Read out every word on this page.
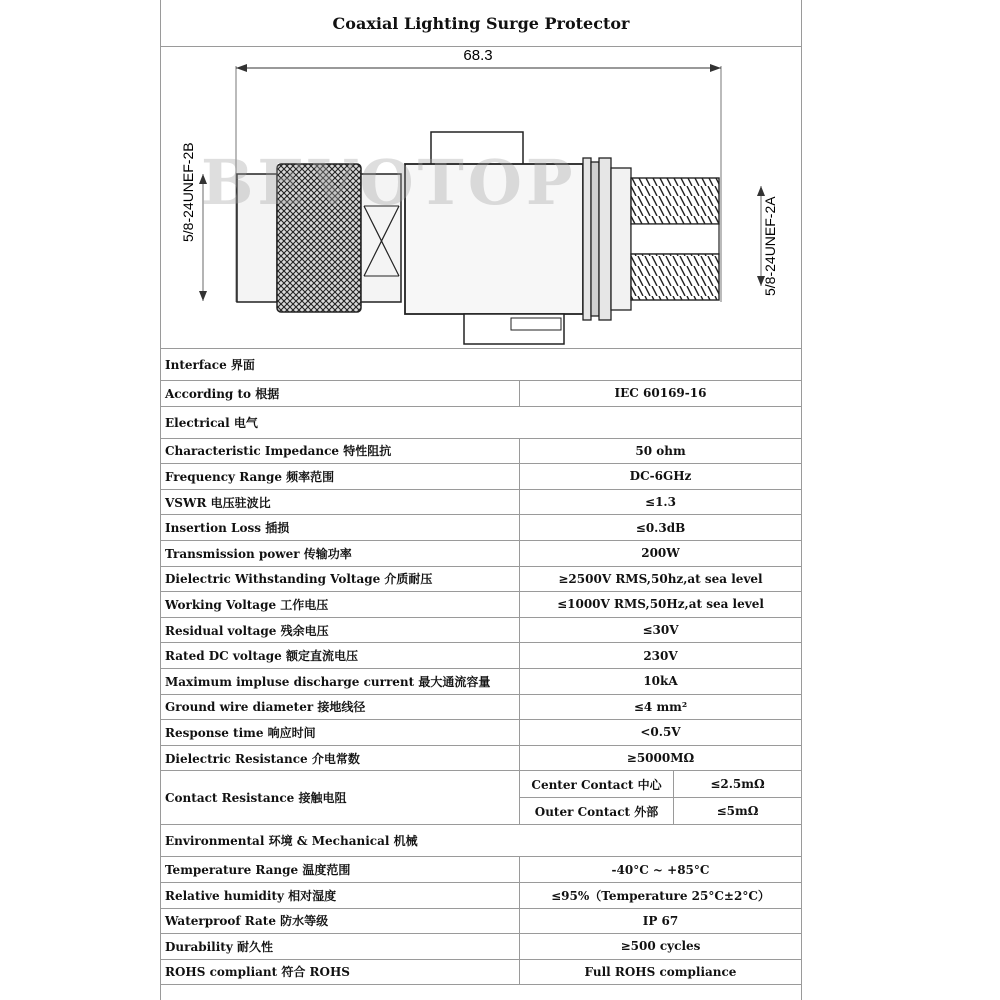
Coaxial Lighting Surge Protector
68.3
5/8-24UNEF-2B
5/8-24UNEF-2A
BEVOTOP
Interface 界面		
According to 根据	IEC 60169-16	
Electrical 电气		
Characteristic Impedance 特性阻抗	50 ohm	
Frequency Range 频率范围	DC-6GHz	
VSWR 电压驻波比	≤1.3	
Insertion Loss 插损	≤0.3dB	
Transmission power 传输功率	200W	
Dielectric Withstanding Voltage 介质耐压	≥2500V RMS,50hz,at sea level	
Working Voltage 工作电压	≤1000V RMS,50Hz,at sea level	
Residual voltage 残余电压	≤30V	
Rated DC voltage 额定直流电压	230V	
Maximum impluse discharge current 最大通流容量	10kA	
Ground wire diameter 接地线径	≤4 mm²	
Response time 响应时间	<0.5V	
Dielectric Resistance 介电常数	≥5000MΩ	
Contact Resistance 接触电阻	Center Contact 中心	≤2.5mΩ
	Outer Contact 外部	≤5mΩ
Environmental 环境 & Mechanical 机械		
Temperature Range 温度范围	-40°C ~ +85°C	
Relative humidity 相对湿度	≤95%（Temperature 25°C±2°C）	
Waterproof Rate 防水等级	IP 67	
Durability 耐久性	≥500 cycles	
ROHS compliant 符合 ROHS	Full ROHS compliance	
